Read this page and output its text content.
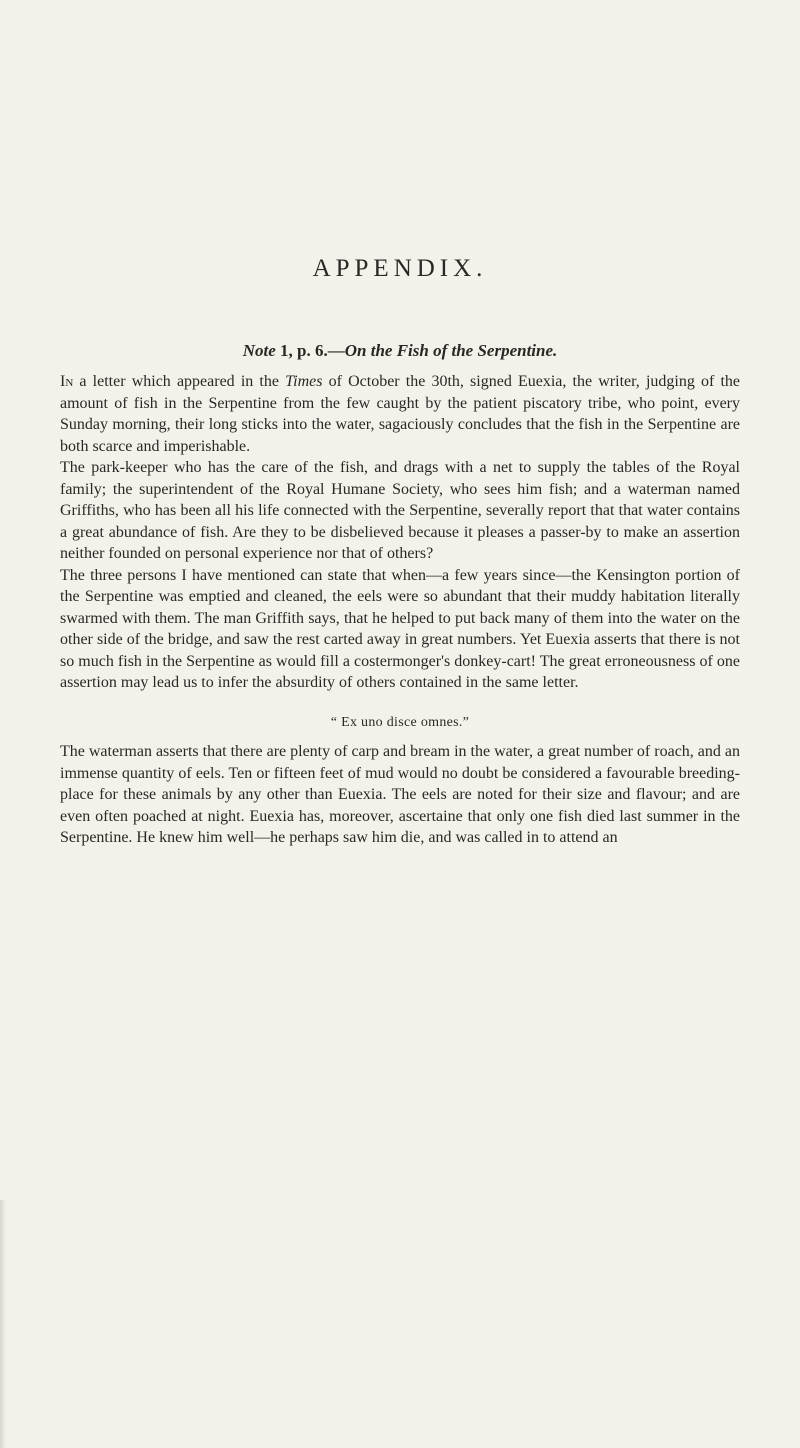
APPENDIX.
Note 1, p. 6.—On the Fish of the Serpentine.

In a letter which appeared in the Times of October the 30th, signed Euexia, the writer, judging of the amount of fish in the Serpentine from the few caught by the patient piscatory tribe, who point, every Sunday morning, their long sticks into the water, sagaciously concludes that the fish in the Serpentine are both scarce and imperishable.

The park-keeper who has the care of the fish, and drags with a net to supply the tables of the Royal family; the superintendent of the Royal Humane Society, who sees him fish; and a waterman named Griffiths, who has been all his life connected with the Serpentine, severally report that that water contains a great abundance of fish. Are they to be disbelieved because it pleases a passer-by to make an assertion neither founded on personal experience nor that of others?

The three persons I have mentioned can state that when—a few years since—the Kensington portion of the Serpentine was emptied and cleaned, the eels were so abundant that their muddy habitation literally swarmed with them. The man Griffith says, that he helped to put back many of them into the water on the other side of the bridge, and saw the rest carted away in great numbers. Yet Euexia asserts that there is not so much fish in the Serpentine as would fill a costermonger's donkey-cart! The great erroneousness of one assertion may lead us to infer the absurdity of others contained in the same letter.

“ Ex uno disce omnes.”

The waterman asserts that there are plenty of carp and bream in the water, a great number of roach, and an immense quantity of eels. Ten or fifteen feet of mud would no doubt be considered a favourable breeding-place for these animals by any other than Euexia. The eels are noted for their size and flavour; and are even often poached at night. Euexia has, moreover, ascertaine that only one fish died last summer in the Serpentine. He knew him well—he perhaps saw him die, and was called in to attend an
